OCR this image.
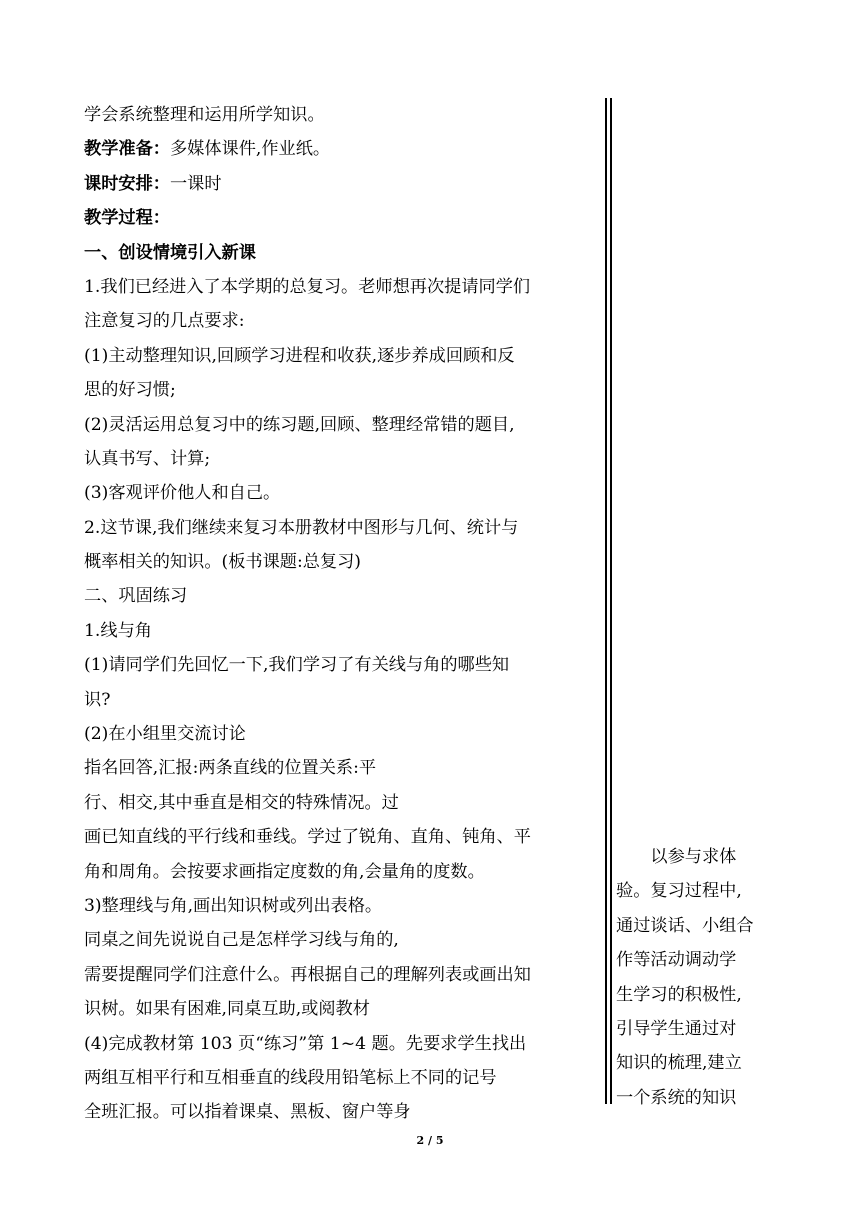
学会系统整理和运用所学知识。
教学准备：多媒体课件,作业纸。
课时安排：一课时
教学过程：
一、创设情境引入新课
1.我们已经进入了本学期的总复习。老师想再次提请同学们
注意复习的几点要求:
(1)主动整理知识,回顾学习进程和收获,逐步养成回顾和反
思的好习惯;
(2)灵活运用总复习中的练习题,回顾、整理经常错的题目,
认真书写、计算;
(3)客观评价他人和自己。
2.这节课,我们继续来复习本册教材中图形与几何、统计与
概率相关的知识。(板书课题:总复习)
二、巩固练习
1.线与角
(1)请同学们先回忆一下,我们学习了有关线与角的哪些知
识?
(2)在小组里交流讨论
指名回答,汇报:两条直线的位置关系:平
行、相交,其中垂直是相交的特殊情况。过
画已知直线的平行线和垂线。学过了锐角、直角、钝角、平
角和周角。会按要求画指定度数的角,会量角的度数。
3)整理线与角,画出知识树或列出表格。
同桌之间先说说自己是怎样学习线与角的,
需要提醒同学们注意什么。再根据自己的理解列表或画出知
识树。如果有困难,同桌互助,或阅教材
(4)完成教材第 103 页“练习”第 1~4 题。先要求学生找出
两组互相平行和互相垂直的线段用铅笔标上不同的记号
全班汇报。可以指着课桌、黑板、窗户等身
　　以参与求体
验。复习过程中,
通过谈话、小组合
作等活动调动学
生学习的积极性,
引导学生通过对
知识的梳理,建立
一个系统的知识
2 / 5
